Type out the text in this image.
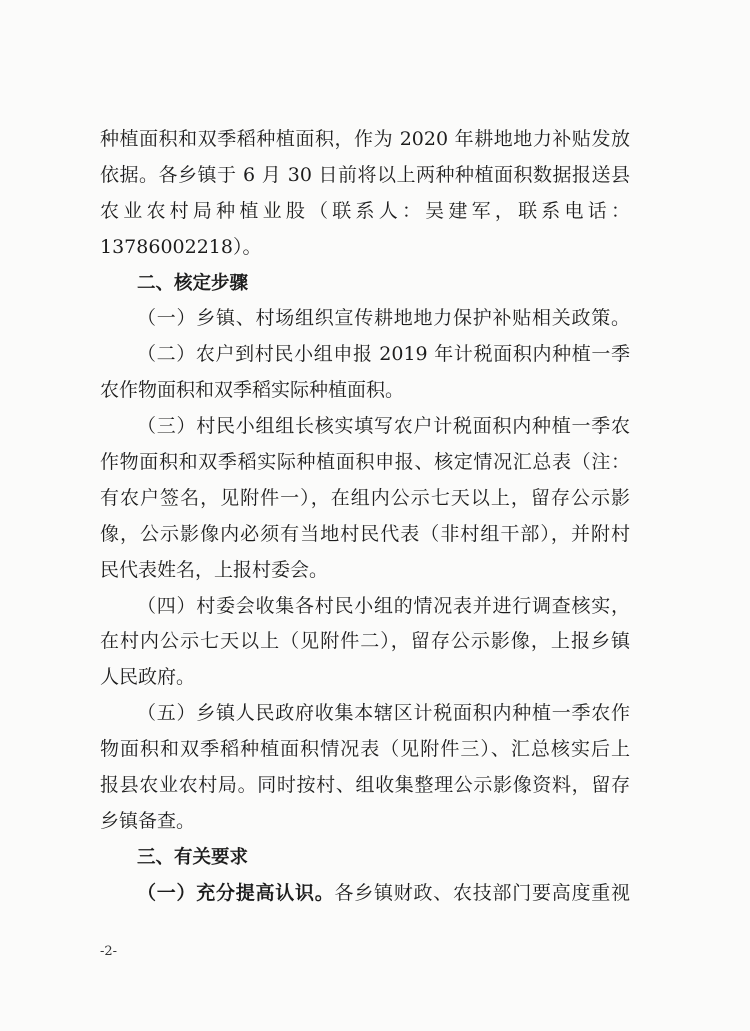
种植面积和双季稻种植面积，作为 2020 年耕地地力补贴发放
依据。各乡镇于 6 月 30 日前将以上两种种植面积数据报送县
农业农村局种植业股（联系人：吴建军，联系电话：
13786002218）。
二、核定步骤
（一）乡镇、村场组织宣传耕地地力保护补贴相关政策。
（二）农户到村民小组申报 2019 年计税面积内种植一季
农作物面积和双季稻实际种植面积。
（三）村民小组组长核实填写农户计税面积内种植一季农
作物面积和双季稻实际种植面积申报、核定情况汇总表（注：
有农户签名，见附件一），在组内公示七天以上，留存公示影
像，公示影像内必须有当地村民代表（非村组干部），并附村
民代表姓名，上报村委会。
（四）村委会收集各村民小组的情况表并进行调查核实，
在村内公示七天以上（见附件二），留存公示影像，上报乡镇
人民政府。
（五）乡镇人民政府收集本辖区计税面积内种植一季农作
物面积和双季稻种植面积情况表（见附件三）、汇总核实后上
报县农业农村局。同时按村、组收集整理公示影像资料，留存
乡镇备查。
三、有关要求
（一）充分提高认识。各乡镇财政、农技部门要高度重视
-2-
